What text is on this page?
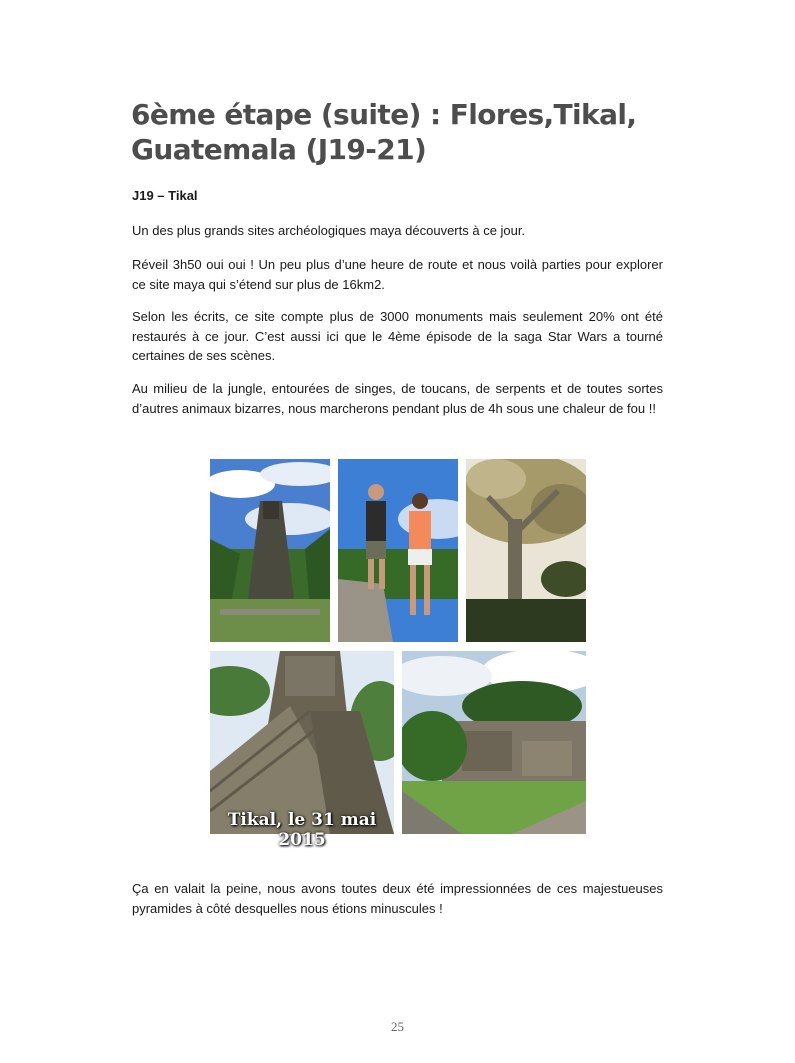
6ème étape (suite) : Flores,Tikal, Guatemala (J19-21)

J19 – Tikal

Un des plus grands sites archéologiques maya découverts à ce jour.

Réveil 3h50 oui oui ! Un peu plus d’une heure de route et nous voilà parties pour explorer ce site maya qui s’étend sur plus de 16km2.

Selon les écrits, ce site compte plus de 3000 monuments mais seulement 20% ont été restaurés à ce jour. C’est aussi ici que le 4ème épisode de la saga Star Wars a tourné certaines de ses scènes.

Au milieu de la jungle, entourées de singes, de toucans, de serpents et de toutes sortes d’autres animaux bizarres, nous marcherons pendant plus de 4h sous une chaleur de fou !!

Tikal, le 31 mai 2015

Ça en valait la peine, nous avons toutes deux été impressionnées de ces majestueuses pyramides à côté desquelles nous étions minuscules !

25
